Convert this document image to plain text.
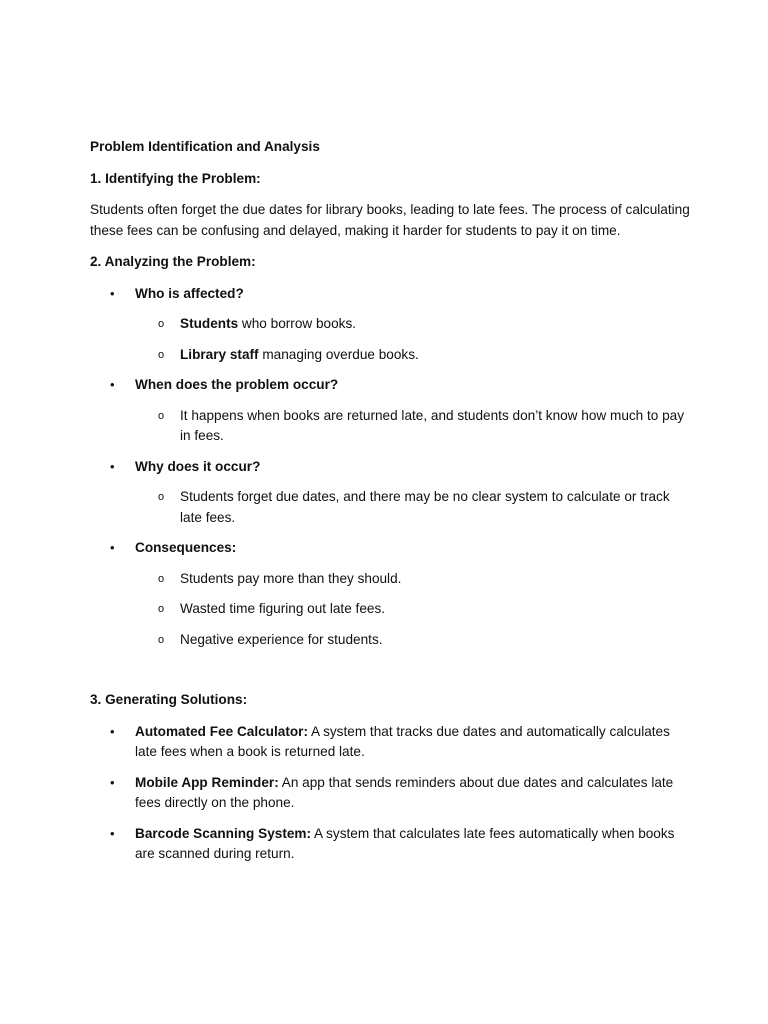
Problem Identification and Analysis

1. Identifying the Problem:

Students often forget the due dates for library books, leading to late fees. The process of calculating these fees can be confusing and delayed, making it harder for students to pay it on time.

2. Analyzing the Problem:

• Who is affected?
o Students who borrow books.
o Library staff managing overdue books.
• When does the problem occur?
o It happens when books are returned late, and students don’t know how much to pay in fees.
• Why does it occur?
o Students forget due dates, and there may be no clear system to calculate or track late fees.
• Consequences:
o Students pay more than they should.
o Wasted time figuring out late fees.
o Negative experience for students.

3. Generating Solutions:

• Automated Fee Calculator: A system that tracks due dates and automatically calculates late fees when a book is returned late.
• Mobile App Reminder: An app that sends reminders about due dates and calculates late fees directly on the phone.
• Barcode Scanning System: A system that calculates late fees automatically when books are scanned during return.
